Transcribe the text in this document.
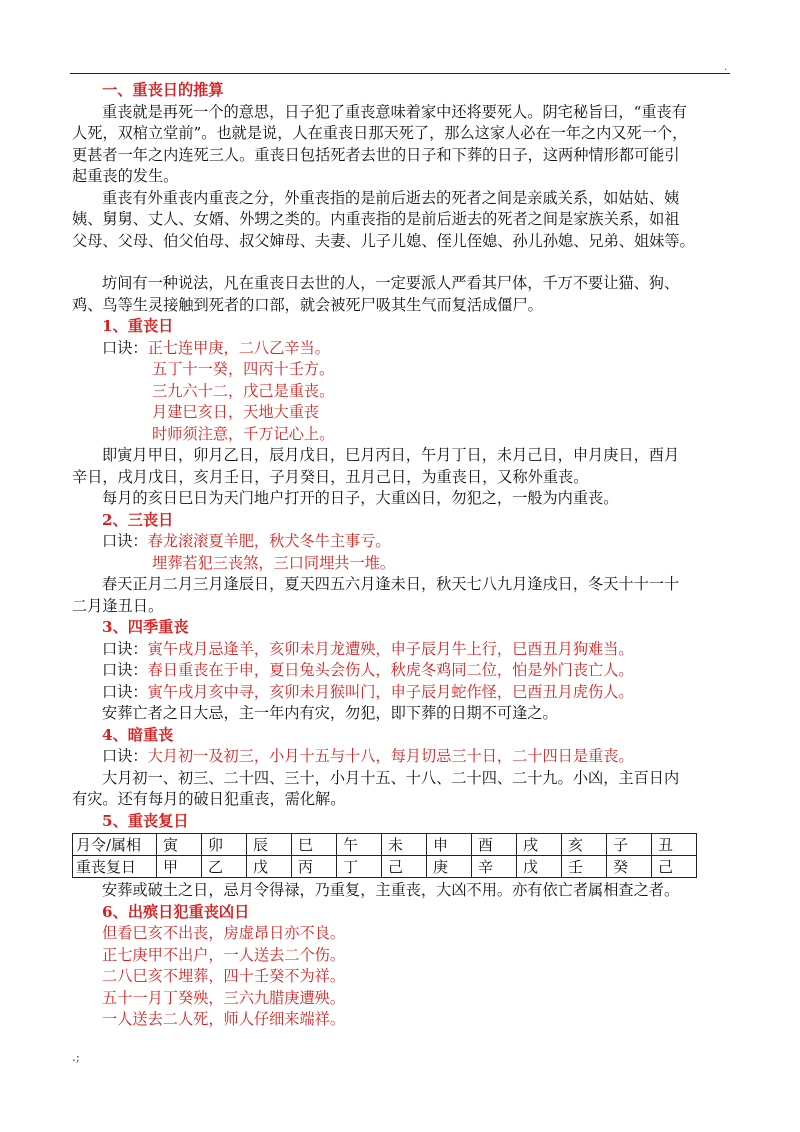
.
一、重丧日的推算
重丧就是再死一个的意思，日子犯了重丧意味着家中还将要死人。阴宅秘旨曰，“重丧有
人死，双棺立堂前”。也就是说，人在重丧日那天死了，那么这家人必在一年之内又死一个，
更甚者一年之内连死三人。重丧日包括死者去世的日子和下葬的日子，这两种情形都可能引
起重丧的发生。
重丧有外重丧内重丧之分，外重丧指的是前后逝去的死者之间是亲戚关系，如姑姑、姨
姨、舅舅、丈人、女婿、外甥之类的。内重丧指的是前后逝去的死者之间是家族关系，如祖
父母、父母、伯父伯母、叔父婶母、夫妻、儿子儿媳、侄儿侄媳、孙儿孙媳、兄弟、姐妹等。
坊间有一种说法，凡在重丧日去世的人，一定要派人严看其尸体，千万不要让猫、狗、
鸡、鸟等生灵接触到死者的口部，就会被死尸吸其生气而复活成僵尸。
1、重丧日
口诀：正七连甲庚，二八乙辛当。
五丁十一癸，四丙十壬方。
三九六十二，戊己是重丧。
月建巳亥日，天地大重丧
时师须注意，千万记心上。
即寅月甲日，卯月乙日，辰月戊日，巳月丙日，午月丁日，未月己日，申月庚日，酉月
辛日，戌月戊日，亥月壬日，子月癸日，丑月己日，为重丧日，又称外重丧。
每月的亥日巳日为天门地户打开的日子，大重凶日，勿犯之，一般为内重丧。
2、三丧日
口诀：春龙滚滚夏羊肥，秋犬冬牛主事亏。
埋葬若犯三丧煞，三口同埋共一堆。
春天正月二月三月逢辰日，夏天四五六月逢未日，秋天七八九月逢戌日，冬天十十一十
二月逢丑日。
3、四季重丧
口诀：寅午戌月忌逢羊，亥卯未月龙遭殃，申子辰月牛上行，巳酉丑月狗难当。
口诀：春日重丧在于申，夏日兔头会伤人，秋虎冬鸡同二位，怕是外门丧亡人。
口诀：寅午戌月亥中寻，亥卯未月猴叫门，申子辰月蛇作怪，巳酉丑月虎伤人。
安葬亡者之日大忌，主一年内有灾，勿犯，即下葬的日期不可逢之。
4、暗重丧
口诀：大月初一及初三，小月十五与十八，每月切忌三十日，二十四日是重丧。
大月初一、初三、二十四、三十，小月十五、十八、二十四、二十九。小凶，主百日内
有灾。还有每月的破日犯重丧，需化解。
5、重丧复日
月令/属相	寅	卯	辰	巳	午	未	申	酉	戌	亥	子	丑
重丧复日	甲	乙	戊	丙	丁	己	庚	辛	戊	壬	癸	己
安葬或破土之日，忌月令得禄，乃重复，主重丧，大凶不用。亦有依亡者属相查之者。
6、出殡日犯重丧凶日
但看巳亥不出丧，房虚昂日亦不良。
正七庚甲不出户，一人送去二个伤。
二八巳亥不埋葬，四十壬癸不为祥。
五十一月丁癸殃，三六九腊庚遭殃。
一人送去二人死，师人仔细来端祥。
.;
